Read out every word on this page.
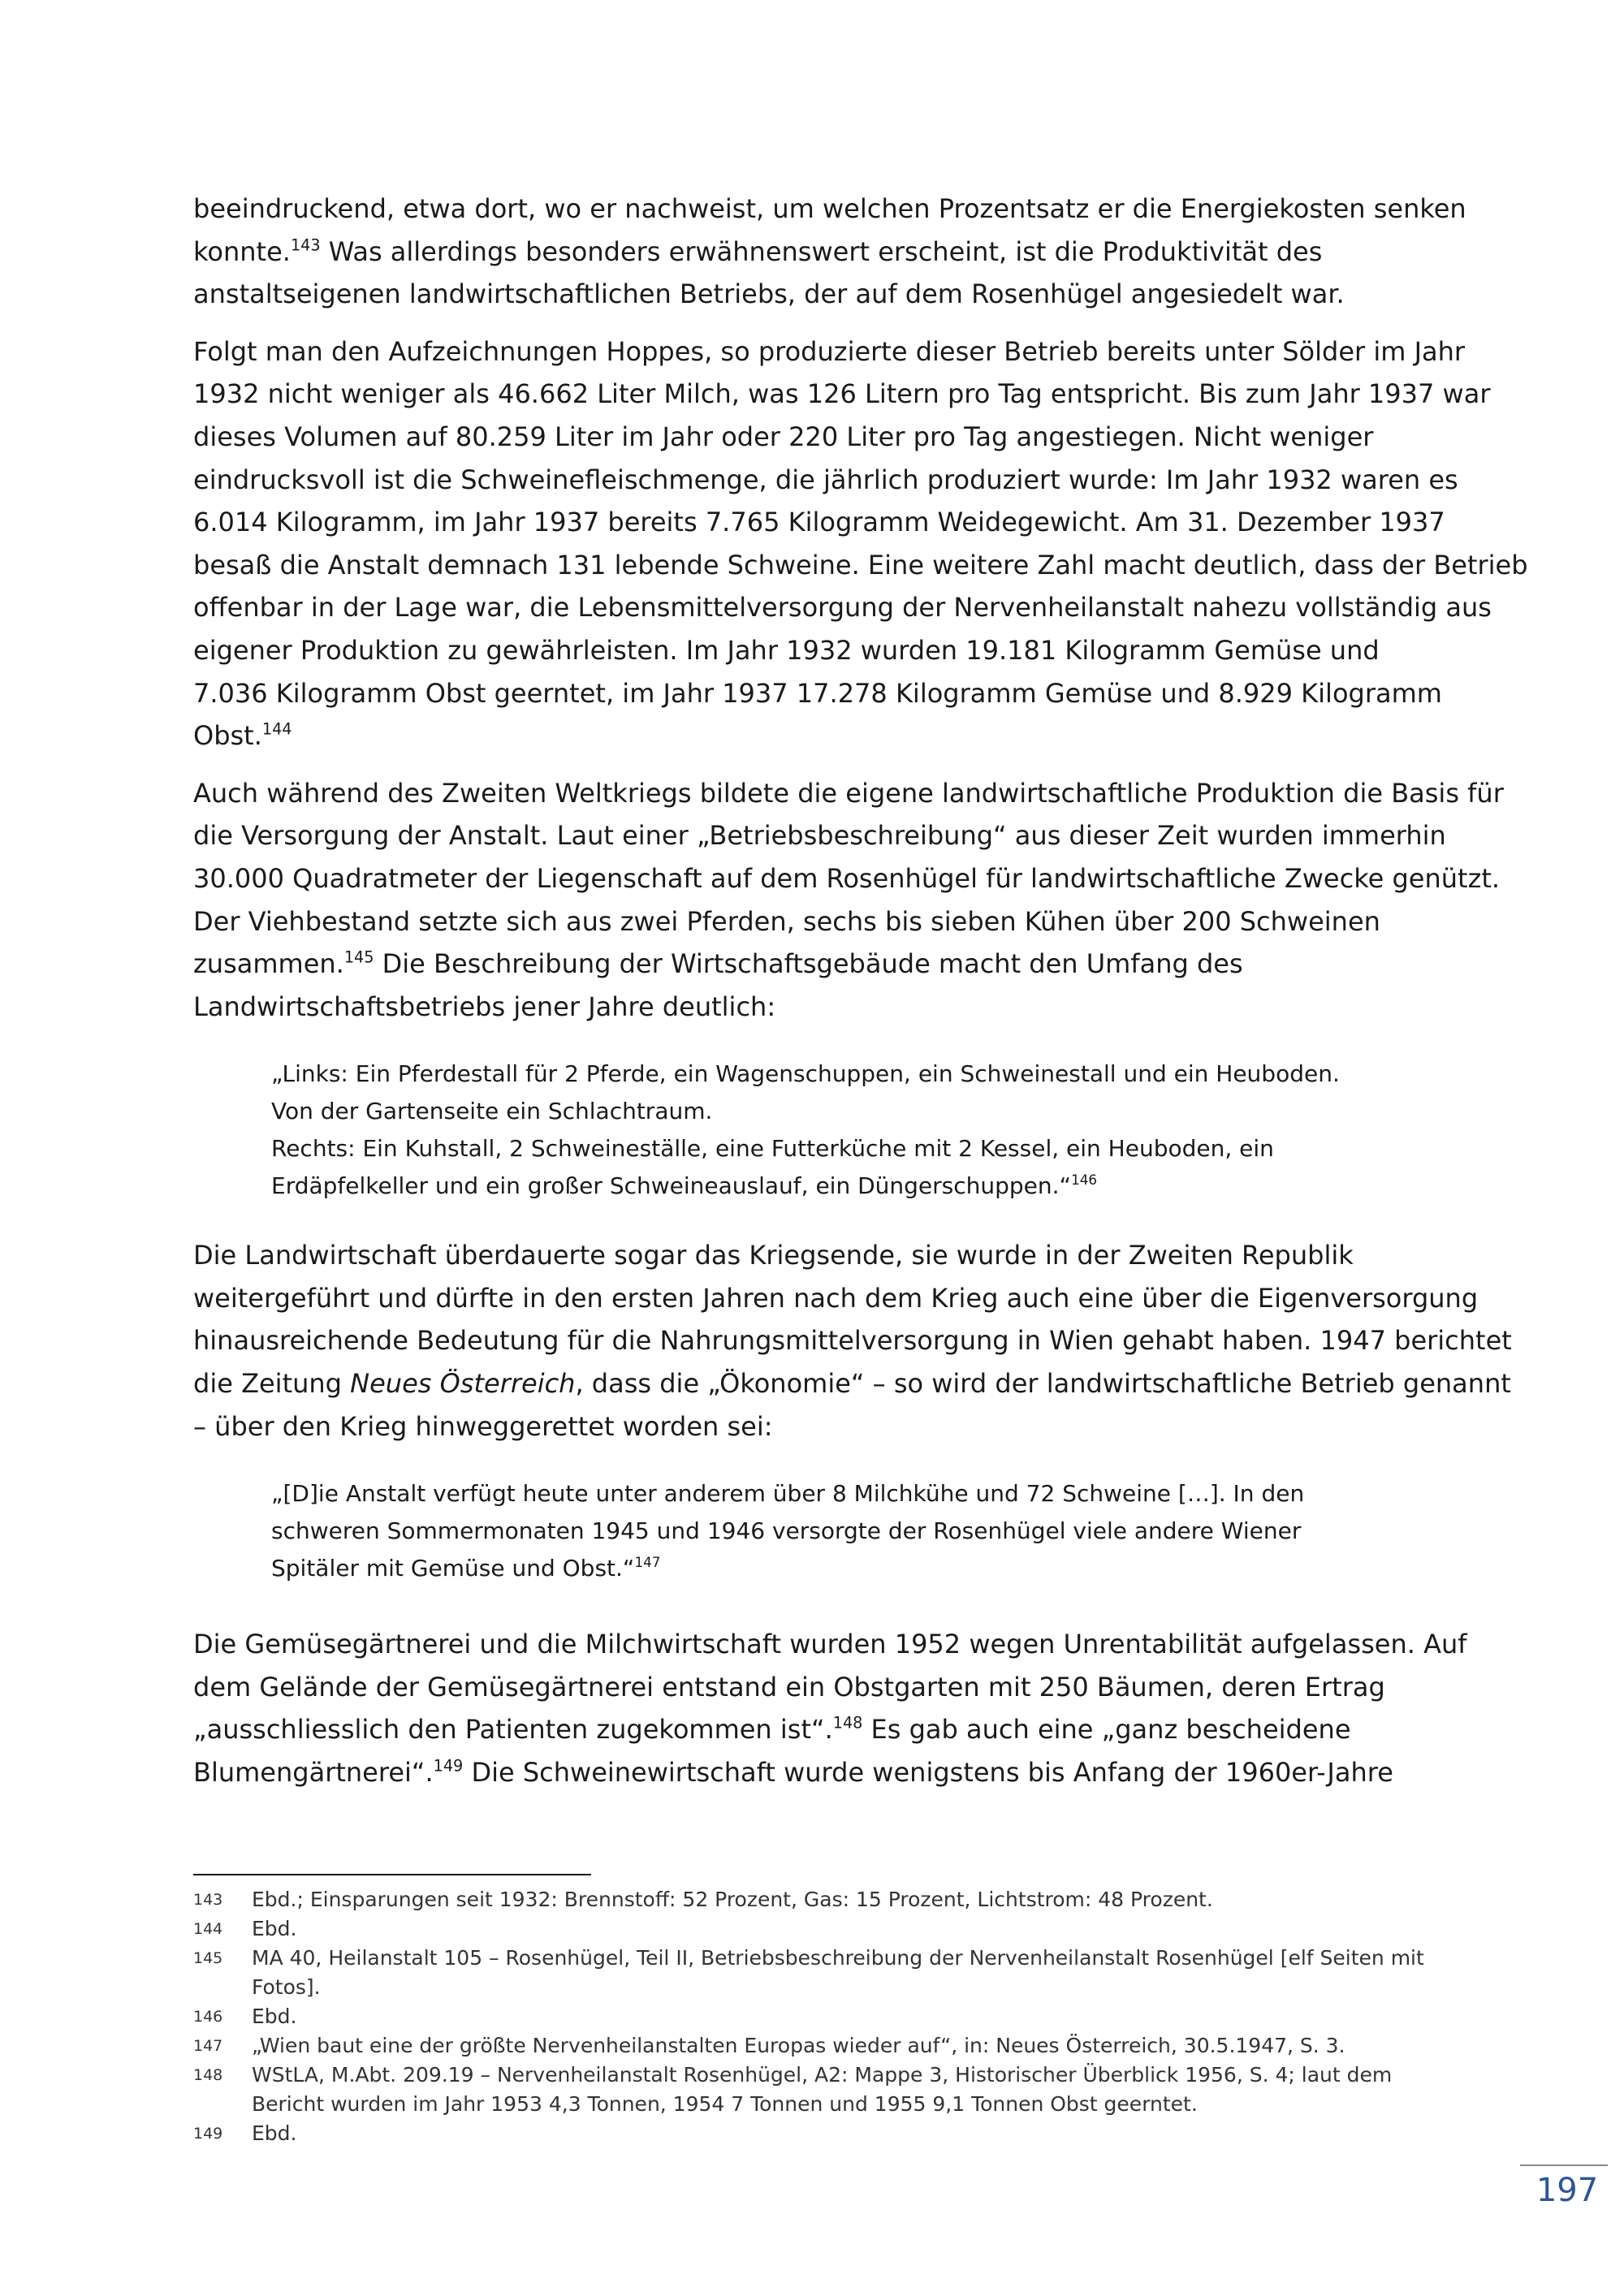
beeindruckend, etwa dort, wo er nachweist, um welchen Prozentsatz er die Energiekosten senken
konnte.$^{143}$ Was allerdings besonders erwähnenswert erscheint, ist die Produktivität des
anstaltseigenen landwirtschaftlichen Betriebs, der auf dem Rosenhügel angesiedelt war.

Folgt man den Aufzeichnungen Hoppes, so produzierte dieser Betrieb bereits unter Sölder im Jahr
1932 nicht weniger als 46.662 Liter Milch, was 126 Litern pro Tag entspricht. Bis zum Jahr 1937 war
dieses Volumen auf 80.259 Liter im Jahr oder 220 Liter pro Tag angestiegen. Nicht weniger
eindrucksvoll ist die Schweinefleischmenge, die jährlich produziert wurde: Im Jahr 1932 waren es
6.014 Kilogramm, im Jahr 1937 bereits 7.765 Kilogramm Weidegewicht. Am 31. Dezember 1937
besaß die Anstalt demnach 131 lebende Schweine. Eine weitere Zahl macht deutlich, dass der Betrieb
offenbar in der Lage war, die Lebensmittelversorgung der Nervenheilanstalt nahezu vollständig aus
eigener Produktion zu gewährleisten. Im Jahr 1932 wurden 19.181 Kilogramm Gemüse und
7.036 Kilogramm Obst geerntet, im Jahr 1937 17.278 Kilogramm Gemüse und 8.929 Kilogramm
Obst.$^{144}$

Auch während des Zweiten Weltkriegs bildete die eigene landwirtschaftliche Produktion die Basis für
die Versorgung der Anstalt. Laut einer „Betriebsbeschreibung“ aus dieser Zeit wurden immerhin
30.000 Quadratmeter der Liegenschaft auf dem Rosenhügel für landwirtschaftliche Zwecke genützt.
Der Viehbestand setzte sich aus zwei Pferden, sechs bis sieben Kühen über 200 Schweinen
zusammen.$^{145}$ Die Beschreibung der Wirtschaftsgebäude macht den Umfang des
Landwirtschaftsbetriebs jener Jahre deutlich:

„Links: Ein Pferdestall für 2 Pferde, ein Wagenschuppen, ein Schweinestall und ein Heuboden.
Von der Gartenseite ein Schlachtraum.
Rechts: Ein Kuhstall, 2 Schweineställe, eine Futterküche mit 2 Kessel, ein Heuboden, ein
Erdäpfelkeller und ein großer Schweineauslauf, ein Düngerschuppen.“$^{146}$

Die Landwirtschaft überdauerte sogar das Kriegsende, sie wurde in der Zweiten Republik
weitergeführt und dürfte in den ersten Jahren nach dem Krieg auch eine über die Eigenversorgung
hinausreichende Bedeutung für die Nahrungsmittelversorgung in Wien gehabt haben. 1947 berichtet
die Zeitung Neues Österreich, dass die „Ökonomie“ – so wird der landwirtschaftliche Betrieb genannt
– über den Krieg hinweggerettet worden sei:

„[D]ie Anstalt verfügt heute unter anderem über 8 Milchkühe und 72 Schweine […]. In den
schweren Sommermonaten 1945 und 1946 versorgte der Rosenhügel viele andere Wiener
Spitäler mit Gemüse und Obst.“$^{147}$

Die Gemüsegärtnerei und die Milchwirtschaft wurden 1952 wegen Unrentabilität aufgelassen. Auf
dem Gelände der Gemüsegärtnerei entstand ein Obstgarten mit 250 Bäumen, deren Ertrag
„ausschliesslich den Patienten zugekommen ist“.$^{148}$ Es gab auch eine „ganz bescheidene
Blumengärtnerei“.$^{149}$ Die Schweinewirtschaft wurde wenigstens bis Anfang der 1960er-Jahre

143	Ebd.; Einsparungen seit 1932: Brennstoff: 52 Prozent, Gas: 15 Prozent, Lichtstrom: 48 Prozent.
144	Ebd.
145	MA 40, Heilanstalt 105 – Rosenhügel, Teil II, Betriebsbeschreibung der Nervenheilanstalt Rosenhügel [elf Seiten mit Fotos].
146	Ebd.
147	„Wien baut eine der größte Nervenheilanstalten Europas wieder auf“, in: Neues Österreich, 30.5.1947, S. 3.
148	WStLA, M.Abt. 209.19 – Nervenheilanstalt Rosenhügel, A2: Mappe 3, Historischer Überblick 1956, S. 4; laut dem Bericht wurden im Jahr 1953 4,3 Tonnen, 1954 7 Tonnen und 1955 9,1 Tonnen Obst geerntet.
149	Ebd.
197
